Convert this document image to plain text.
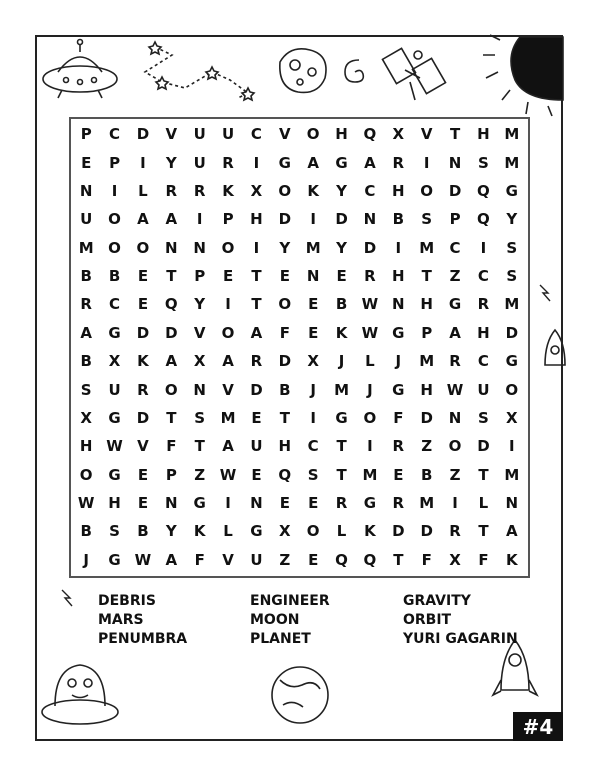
P	C	D	V	U	U	C	V	O	H	Q	X	V	T	H M
E	P	I	Y	U	R	I	G	A	G	A	R	I	N	S	M
N	I	L	R	R	K	X	O	K	Y	C	H	O	D	Q	G
U	O	A	A	I	P	H	D	I	D	N	B	S	P	Q	Y
M O	O	N	N	O	I	Y	M	Y	D	I	M	C	I	S
B	B	E	T	P	E	T	E	N	E	R	H	T	Z	C	S
R	C	E	Q	Y	I	T	O	E	B W N	H	G	R	M
A	G	D	D	V	O	A	F	E	K W G	P	A	H	D
B	X	K	A	X	A	R	D	X	J	L	J	M	R	C	G
S	U	R	O	N	V	D	B	J	M	J	G	H W U	O
X	G	D	T	S	M	E	T	I	G	O	F	D	N	S	X
H W V	F	T	A	U	H	C	T	I	R	Z	O	D	I
O	G	E	P	Z W E	Q	S	T	M	E	B	Z	T	M
W H	E	N	G	I	N	E	E	R	G	R	M	I	L	N
B	S	B	Y	K	L	G	X	O	L	K	D	D	R	T	A
J	G W A	F	V	U	Z	E	Q	Q	T	F	X	F	K
DEBRIS
MARS
PENUMBRA
ENGINEER
MOON
PLANET
GRAVITY
ORBIT
YURI GAGARIN
#4
